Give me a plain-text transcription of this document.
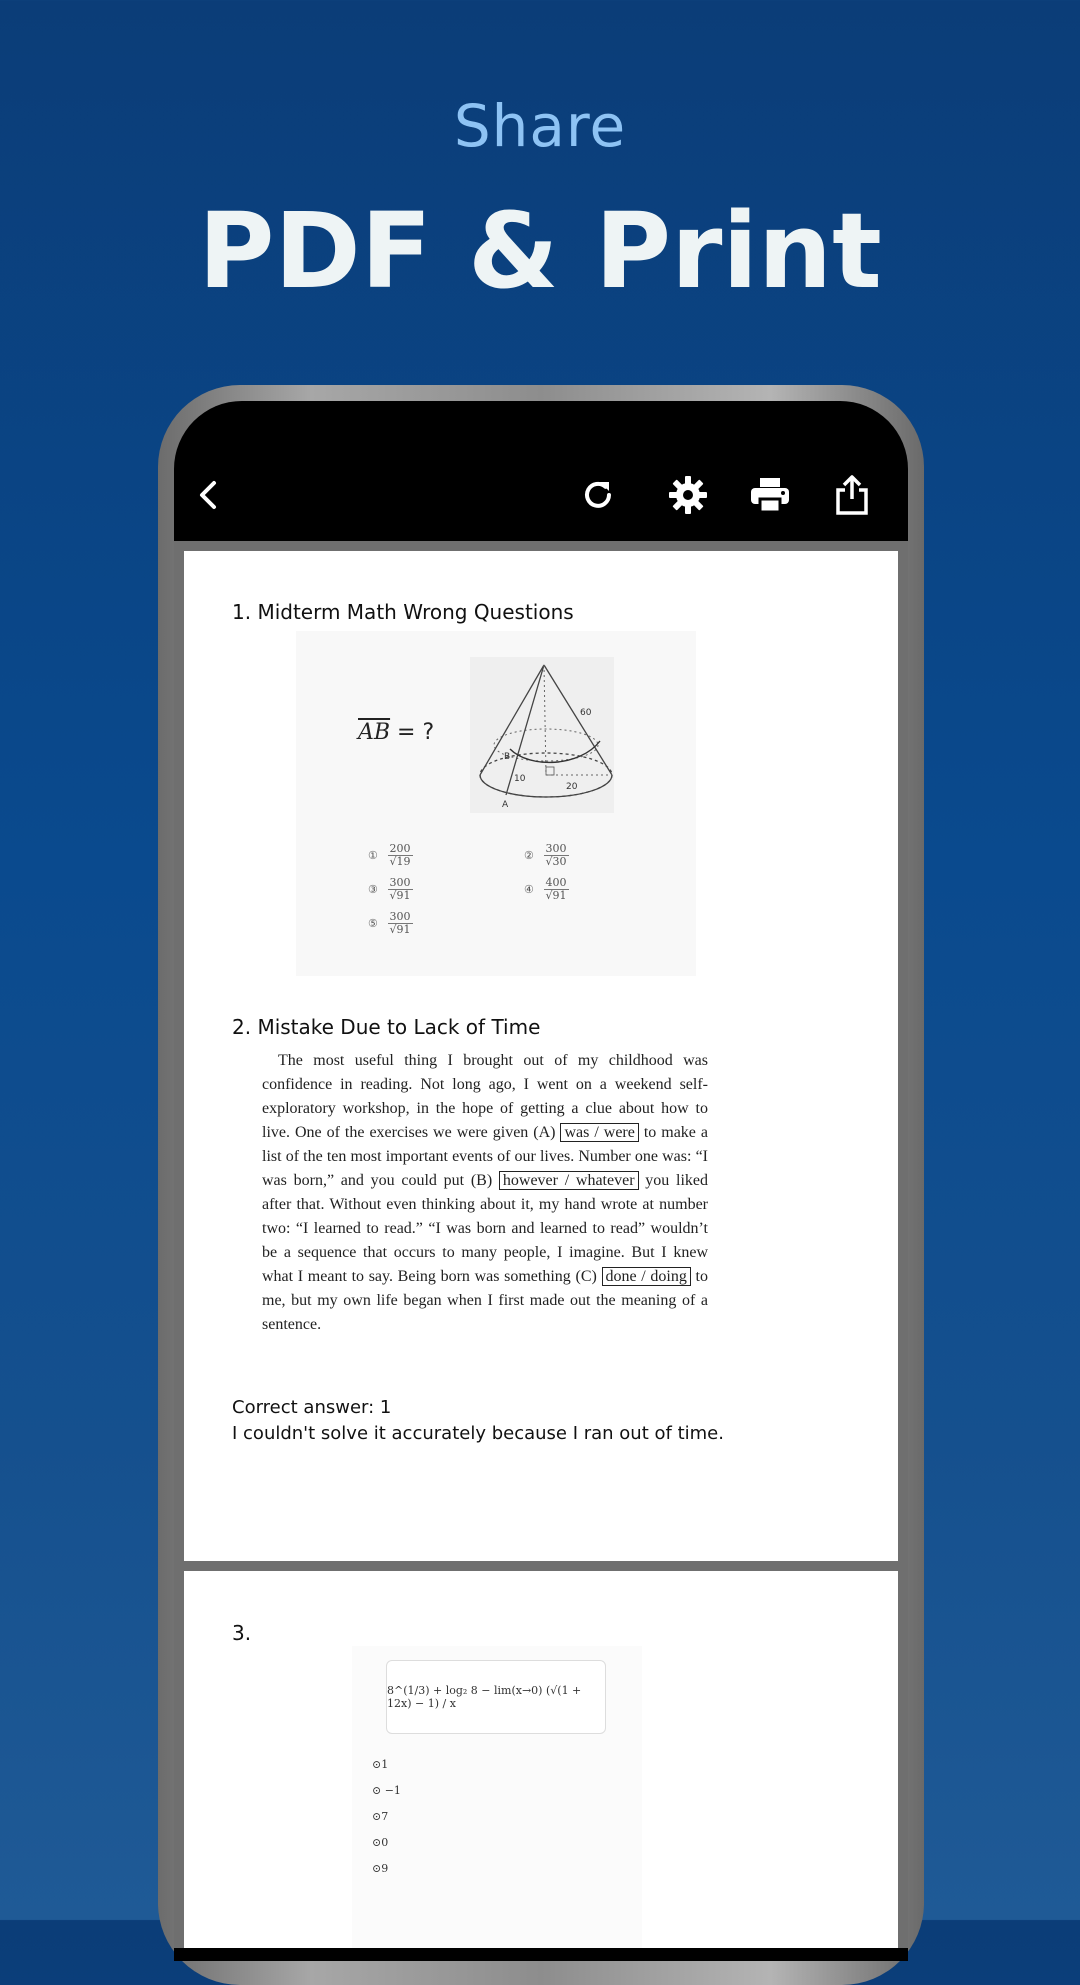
Share
PDF & Print
1. Midterm Math Wrong Questions
$\overline{AB}$ = ?
60
B
10
20
A
① $\frac{200}{√19}$	② $\frac{300}{√30}$
③ $\frac{300}{√91}$	④ $\frac{400}{√91}$
⑤ $\frac{300}{√91}$
2. Mistake Due to Lack of Time

The most useful thing I brought out of my childhood was confidence in reading. Not long ago, I went on a weekend self-exploratory workshop, in the hope of getting a clue about how to live. One of the exercises we were given (A) was / were to make a list of the ten most important events of our lives. Number one was: “I was born,” and you could put (B) however / whatever you liked after that. Without even thinking about it, my hand wrote at number two: “I learned to read.” “I was born and learned to read” wouldn’t be a sequence that occurs to many people, I imagine. But I knew what I meant to say. Being born was something (C) done / doing to me, but my own life began when I first made out the meaning of a sentence.

Correct answer: 1
I couldn't solve it accurately because I ran out of time.
3.
8^(1/3) + log₂ 8 − lim(x→0) (√(1 + 12x) − 1) / x
⊙1
⊙ −1
⊙7
⊙0
⊙9
